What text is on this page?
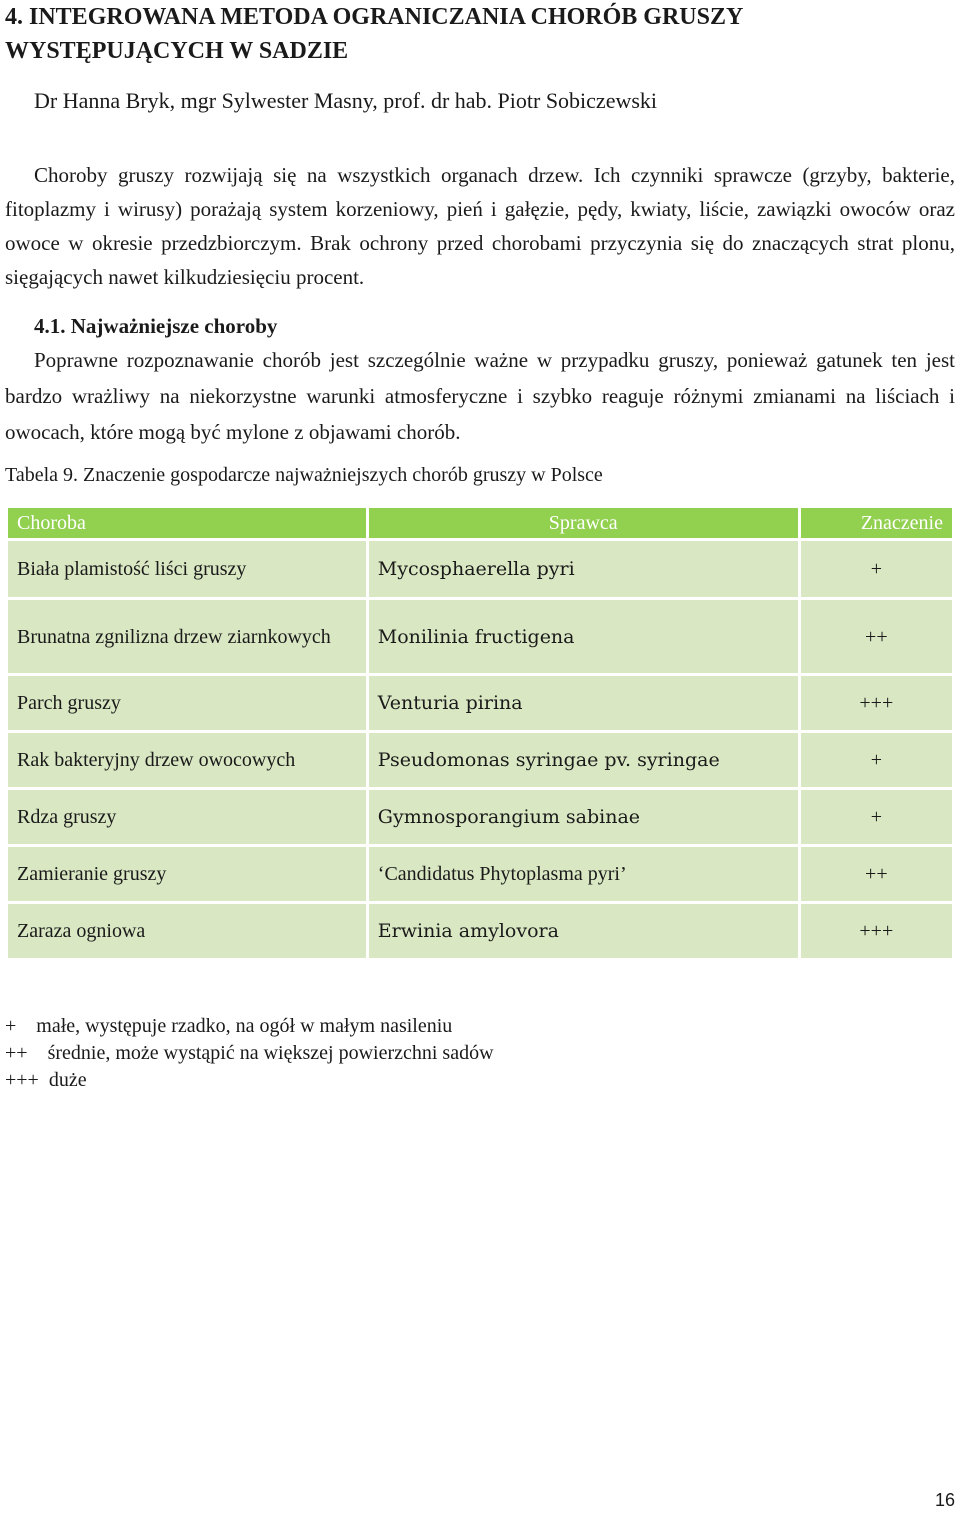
4. INTEGROWANA METODA OGRANICZANIA CHORÓB GRUSZY WYSTĘPUJĄCYCH W SADZIE

Dr Hanna Bryk, mgr Sylwester Masny, prof. dr hab. Piotr Sobiczewski

Choroby gruszy rozwijają się na wszystkich organach drzew. Ich czynniki sprawcze (grzyby, bakterie, fitoplazmy i wirusy) porażają system korzeniowy, pień i gałęzie, pędy, kwiaty, liście, zawiązki owoców oraz owoce w okresie przedzbiorczym. Brak ochrony przed chorobami przyczynia się do znaczących strat plonu, sięgających nawet kilkudziesięciu procent.

4.1. Najważniejsze choroby

Poprawne rozpoznawanie chorób jest szczególnie ważne w przypadku gruszy, ponieważ gatunek ten jest bardzo wrażliwy na niekorzystne warunki atmosferyczne i szybko reaguje różnymi zmianami na liściach i owocach, które mogą być mylone z objawami chorób.

Tabela 9. Znaczenie gospodarcze najważniejszych chorób gruszy w Polsce

Choroba	Sprawca	Znaczenie
Biała plamistość liści gruszy	Mycosphaerella pyri	+
Brunatna zgnilizna drzew ziarnkowych	Monilinia fructigena	++
Parch gruszy	Venturia pirina	+++
Rak bakteryjny drzew owocowych	Pseudomonas syringae pv. syringae	+
Rdza gruszy	Gymnosporangium sabinae	+
Zamieranie gruszy	‘Candidatus Phytoplasma pyri’	++
Zaraza ogniowa	Erwinia amylovora	+++
+ małe, występuje rzadko, na ogół w małym nasileniu
++ średnie, może wystąpić na większej powierzchni sadów
+++ duże

16
